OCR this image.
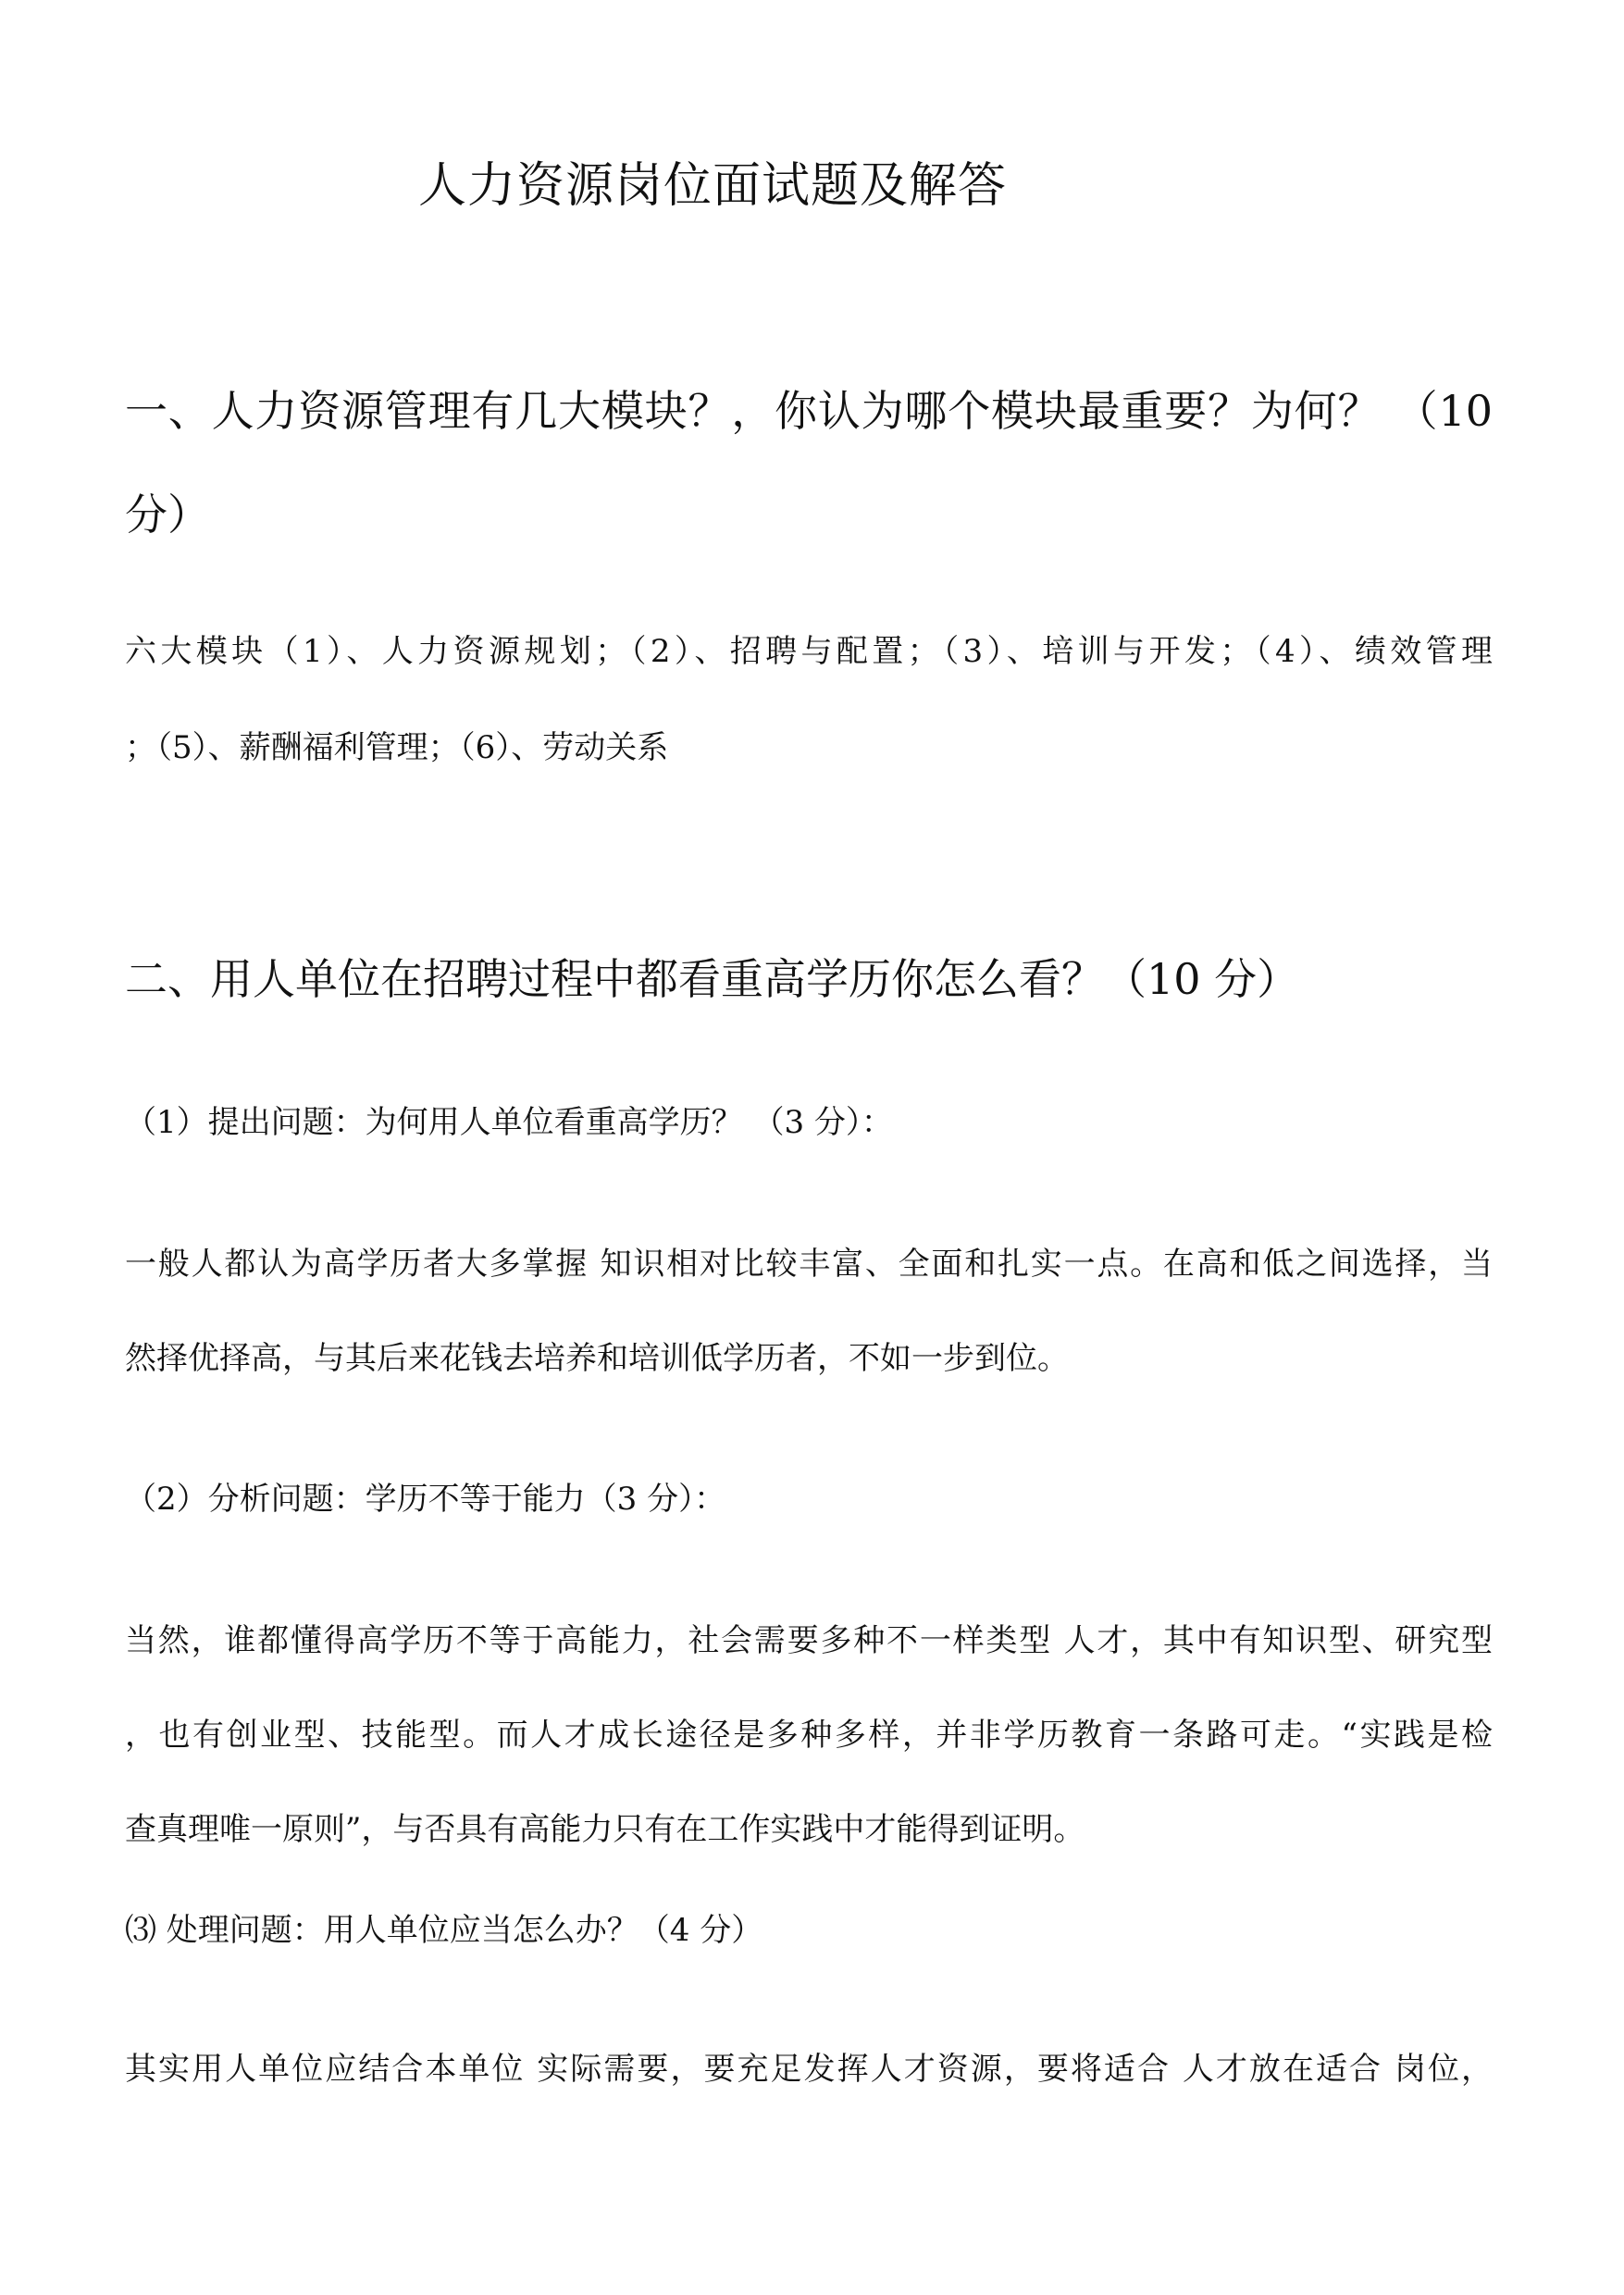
人力资源岗位面试题及解答
一、人力资源管理有几大模块？，你认为哪个模块最重要？为何？ （10
分）
六大模块（1）、人力资源规划；（2）、招聘与配置；（3）、培训与开发；（4）、绩效管理
；（5）、薪酬福利管理；（6）、劳动关系
二、用人单位在招聘过程中都看重高学历你怎么看？（10 分）
（1）提出问题：为何用人单位看重高学历？ （3 分）：
一般人都认为高学历者大多掌握 知识相对比较丰富、全面和扎实一点。在高和低之间选择，当
然择优择高，与其后来花钱去培养和培训低学历者，不如一步到位。
（2）分析问题：学历不等于能力（3 分）：
当然，谁都懂得高学历不等于高能力，社会需要多种不一样类型 人才，其中有知识型、研究型
，也有创业型、技能型。而人才成长途径是多种多样，并非学历教育一条路可走。“实践是检
查真理唯一原则”，与否具有高能力只有在工作实践中才能得到证明。
⑶ 处理问题：用人单位应当怎么办？（4 分）
其实用人单位应结合本单位 实际需要，要充足发挥人才资源，要将适合 人才放在适合 岗位，
